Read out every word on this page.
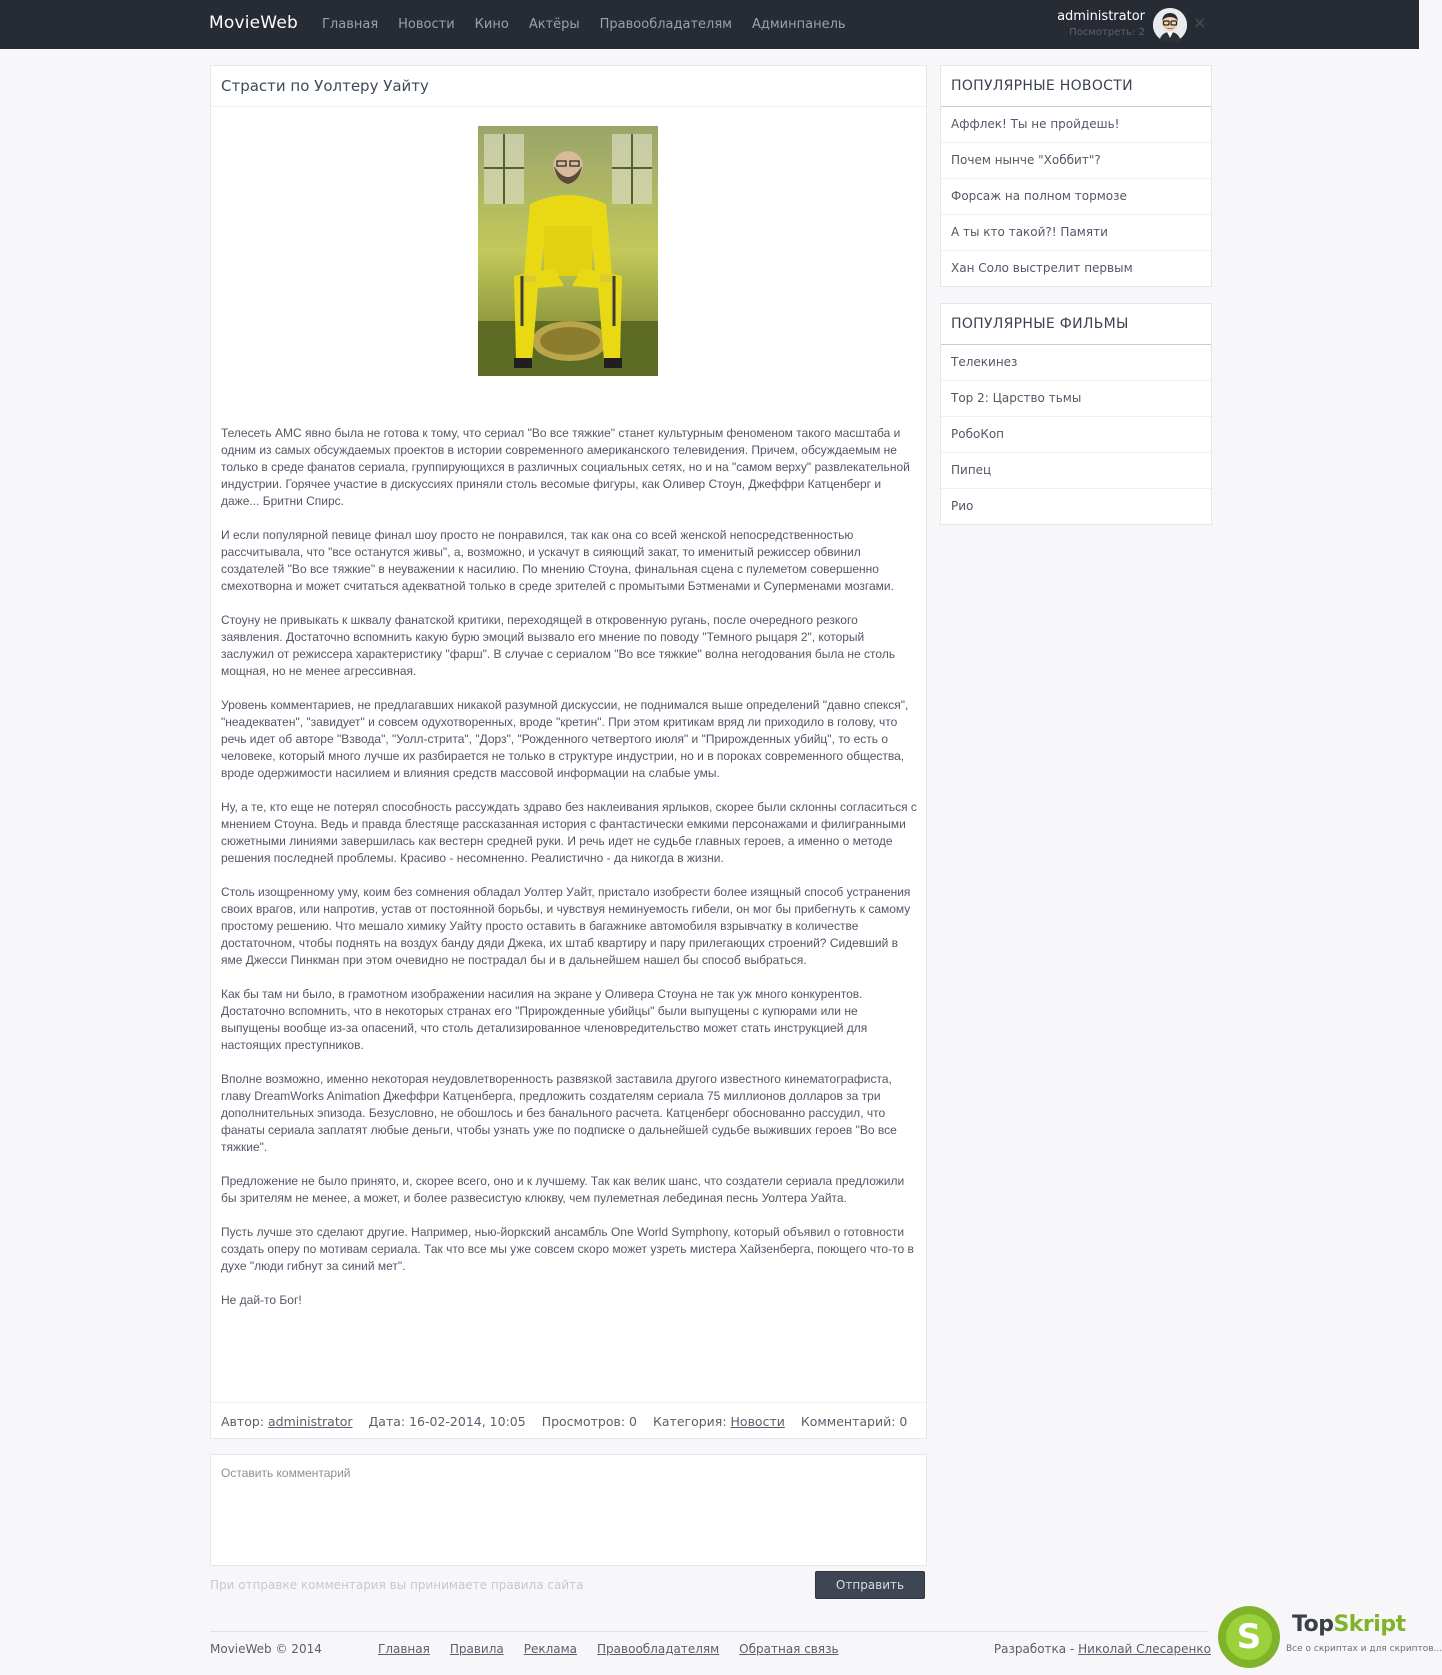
MovieWeb Главная Новости Кино Актёры Правообладателям Админпанель
administrator
Посмотреть: 2
×
Страсти по Уолтеру Уайту

Телесеть AMC явно была не готова к тому, что сериал "Во все тяжкие" станет культурным феноменом такого масштаба и одним из самых обсуждаемых проектов в истории современного американского телевидения. Причем, обсуждаемым не только в среде фанатов сериала, группирующихся в различных социальных сетях, но и на "самом верху" развлекательной индустрии. Горячее участие в дискуссиях приняли столь весомые фигуры, как Оливер Стоун, Джеффри Катценберг и даже... Бритни Спирс.

И если популярной певице финал шоу просто не понравился, так как она со всей женской непосредственностью рассчитывала, что "все останутся живы", а, возможно, и ускачут в сияющий закат, то именитый режиссер обвинил создателей "Во все тяжкие" в неуважении к насилию. По мнению Стоуна, финальная сцена с пулеметом совершенно смехотворна и может считаться адекватной только в среде зрителей с промытыми Бэтменами и Суперменами мозгами.

Стоуну не привыкать к шквалу фанатской критики, переходящей в откровенную ругань, после очередного резкого заявления. Достаточно вспомнить какую бурю эмоций вызвало его мнение по поводу "Темного рыцаря 2", который заслужил от режиссера характеристику "фарш". В случае с сериалом "Во все тяжкие" волна негодования была не столь мощная, но не менее агрессивная.

Уровень комментариев, не предлагавших никакой разумной дискуссии, не поднимался выше определений "давно спекся", "неадекватен", "завидует" и совсем одухотворенных, вроде "кретин". При этом критикам вряд ли приходило в голову, что речь идет об авторе "Взвода", "Уолл-стрита", "Дорз", "Рожденного четвертого июля" и "Прирожденных убийц", то есть о человеке, который много лучше их разбирается не только в структуре индустрии, но и в пороках современного общества, вроде одержимости насилием и влияния средств массовой информации на слабые умы.

Ну, а те, кто еще не потерял способность рассуждать здраво без наклеивания ярлыков, скорее были склонны согласиться с мнением Стоуна. Ведь и правда блестяще рассказанная история с фантастически емкими персонажами и филигранными сюжетными линиями завершилась как вестерн средней руки. И речь идет не судьбе главных героев, а именно о методе решения последней проблемы. Красиво - несомненно. Реалистично - да никогда в жизни.

Столь изощренному уму, коим без сомнения обладал Уолтер Уайт, пристало изобрести более изящный способ устранения своих врагов, или напротив, устав от постоянной борьбы, и чувствуя неминуемость гибели, он мог бы прибегнуть к самому простому решению. Что мешало химику Уайту просто оставить в багажнике автомобиля взрывчатку в количестве достаточном, чтобы поднять на воздух банду дяди Джека, их штаб квартиру и пару прилегающих строений? Сидевший в яме Джесси Пинкман при этом очевидно не пострадал бы и в дальнейшем нашел бы способ выбраться.

Как бы там ни было, в грамотном изображении насилия на экране у Оливера Стоуна не так уж много конкурентов. Достаточно вспомнить, что в некоторых странах его "Прирожденные убийцы" были выпущены с купюрами или не выпущены вообще из-за опасений, что столь детализированное членовредительство может стать инструкцией для настоящих преступников.

Вполне возможно, именно некоторая неудовлетворенность развязкой заставила другого известного кинематографиста, главу DreamWorks Animation Джеффри Катценберга, предложить создателям сериала 75 миллионов долларов за три дополнительных эпизода. Безусловно, не обошлось и без банального расчета. Катценберг обоснованно рассудил, что фанаты сериала заплатят любые деньги, чтобы узнать уже по подписке о дальнейшей судьбе выживших героев "Во все тяжкие".

Предложение не было принято, и, скорее всего, оно и к лучшему. Так как велик шанс, что создатели сериала предложили бы зрителям не менее, а может, и более развесистую клюкву, чем пулеметная лебединая песнь Уолтера Уайта.

Пусть лучше это сделают другие. Например, нью-йоркский ансамбль One World Symphony, который объявил о готовности создать оперу по мотивам сериала. Так что все мы уже совсем скоро может узреть мистера Хайзенберга, поющего что-то в духе "люди гибнут за синий мет".

Не дай-то Бог!

Автор: administrator Дата: 16-02-2014, 10:05 Просмотров: 0 Категория: Новости Комментарий: 0
Оставить комментарий
При отправке комментария вы принимаете правила сайта	Отправить
ПОПУЛЯРНЫЕ НОВОСТИ
Аффлек! Ты не пройдешь!
Почем нынче "Хоббит"?
Форсаж на полном тормозе
А ты кто такой?! Памяти
Хан Соло выстрелит первым
ПОПУЛЯРНЫЕ ФИЛЬМЫ
Телекинез
Тор 2: Царство тьмы
РобоКоп
Пипец
Рио
MovieWeb © 2014	Главная Правила Реклама Правообладателям Обратная связь	Разработка - Николай Слесаренко S	TopSkript
Все о скриптах и для скриптов...
